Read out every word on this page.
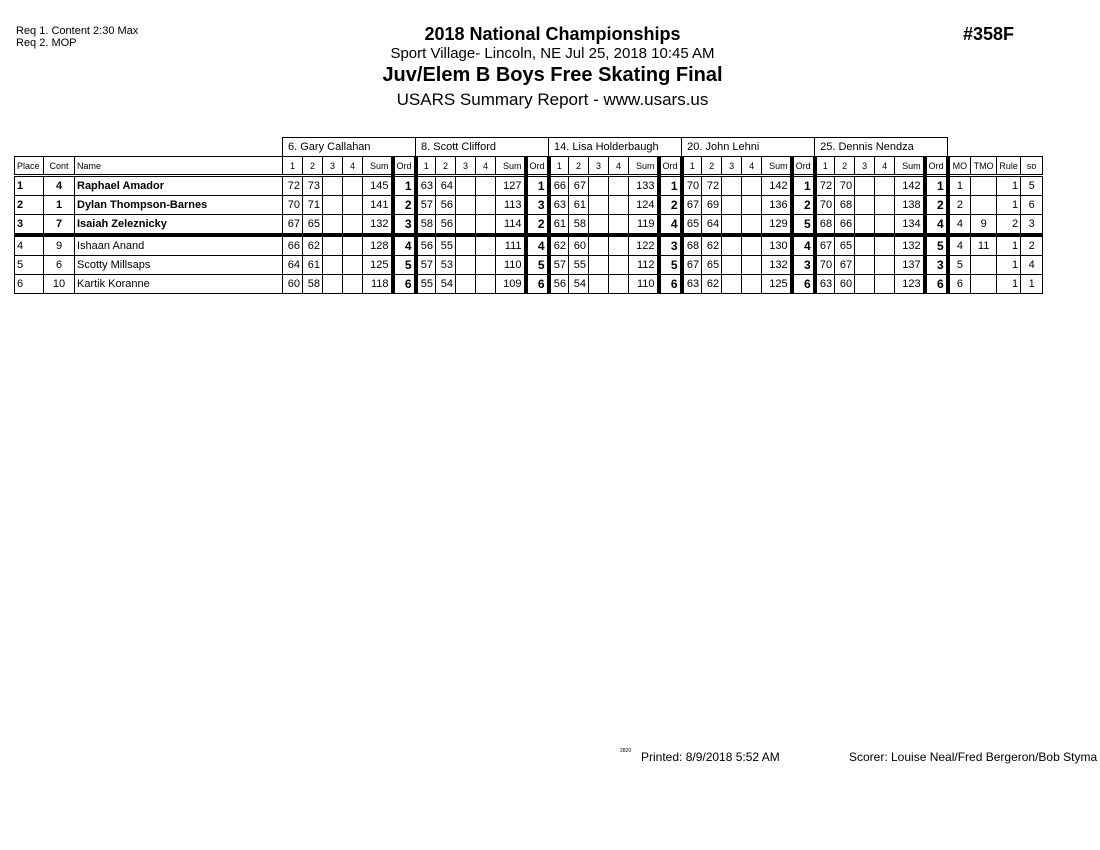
Req 1. Content 2:30 Max
Req 2. MOP	2018 National Championships
Sport Village- Lincoln, NE Jul 25, 2018 10:45 AM
Juv/Elem B Boys Free Skating Final
USARS Summary Report - www.usars.us
#358F
			6. Gary Callahan						8. Scott Clifford						14. Lisa Holderbaugh						20. John Lehni						25. Dennis Nendza									
Place	Cont	Name	1	2	3	4	Sum	Ord	1	2	3	4	Sum	Ord	1	2	3	4	Sum	Ord	1	2	3	4	Sum	Ord	1	2	3	4	Sum	Ord	MO	TMO	Rule	so
1	4	Raphael Amador	72	73			145	1	63	64			127	1	66	67			133	1	70	72			142	1	72	70			142	1	1		1	5
2	1	Dylan Thompson-Barnes	70	71			141	2	57	56			113	3	63	61			124	2	67	69			136	2	70	68			138	2	2		1	6
3	7	Isaiah Zeleznicky	67	65			132	3	58	56			114	2	61	58			119	4	65	64			129	5	68	66			134	4	4	9	2	3
4	9	Ishaan Anand	66	62			128	4	56	55			111	4	62	60			122	3	68	62			130	4	67	65			132	5	4	11	1	2
5	6	Scotty Millsaps	64	61			125	5	57	53			110	5	57	55			112	5	67	65			132	3	70	67			137	3	5		1	4
6	10	Kartik Koranne	60	58			118	6	55	54			109	6	56	54			110	6	63	62			125	6	63	60			123	6	6		1	1
2820 Printed: 8/9/2018 5:52 AM	Scorer: Louise Neal/Fred Bergeron/Bob Styma
